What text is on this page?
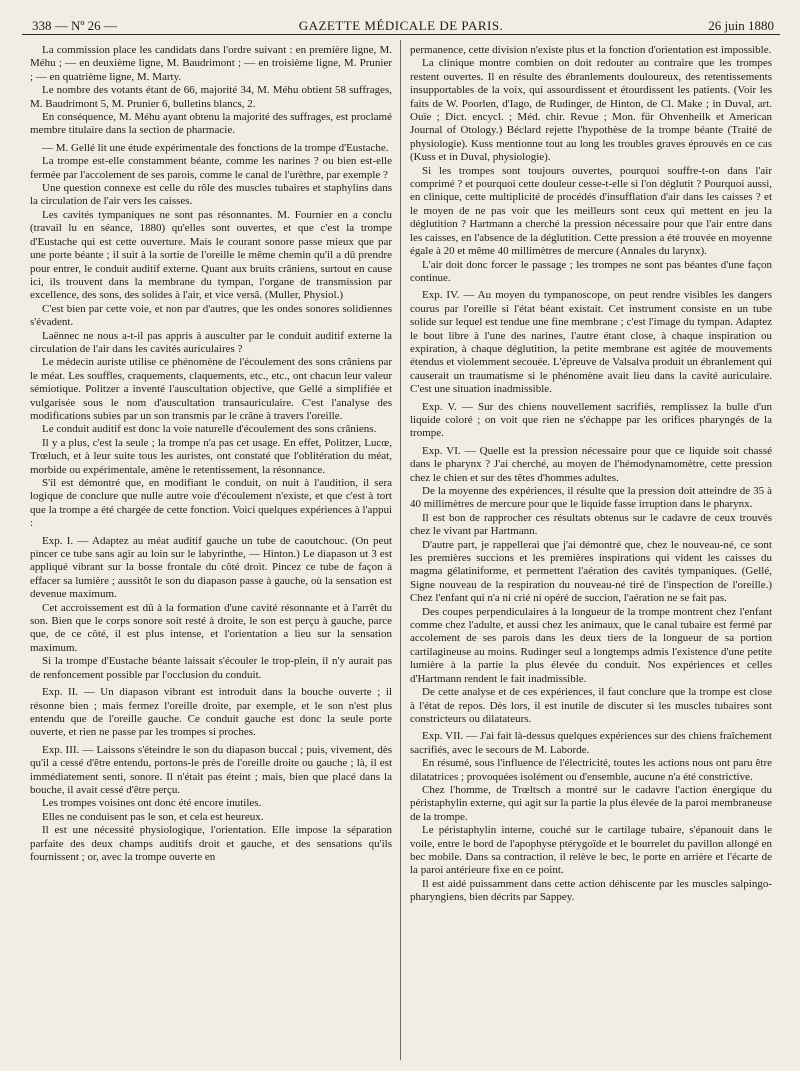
338 — Nº 26 —	GAZETTE MÉDICALE DE PARIS.	26 juin 1880

La commission place les candidats dans l'ordre suivant : en première ligne, M. Méhu ; — en deuxième ligne, M. Baudrimont ; — en troisième ligne, M. Prunier ; — en quatrième ligne, M. Marty.

Le nombre des votants étant de 66, majorité 34, M. Méhu obtient 58 suffrages, M. Baudrimont 5, M. Prunier 6, bulletins blancs, 2.

En conséquence, M. Méhu ayant obtenu la majorité des suffrages, est proclamé membre titulaire dans la section de pharmacie.

— M. Gellé lit une étude expérimentale des fonctions de la trompe d'Eustache.

La trompe est-elle constamment béante, comme les narines ? ou bien est-elle fermée par l'accolement de ses parois, comme le canal de l'urèthre, par exemple ?

Une question connexe est celle du rôle des muscles tubaires et staphylins dans la circulation de l'air vers les caisses.

Les cavités tympaniques ne sont pas résonnantes. M. Fournier en a conclu (travail lu en séance, 1880) qu'elles sont ouvertes, et que c'est la trompe d'Eustache qui est cette ouverture. Mais le courant sonore passe mieux que par une porte béante ; il suit à la sortie de l'oreille le même chemin qu'il a dû prendre pour entrer, le conduit auditif externe. Quant aux bruits crâniens, surtout en cause ici, ils trouvent dans la membrane du tympan, l'organe de transmission par excellence, des sons, des solides à l'air, et vice versâ. (Muller, Physiol.)

C'est bien par cette voie, et non par d'autres, que les ondes sonores solidiennes s'évadent.

Laënnec ne nous a-t-il pas appris à ausculter par le conduit auditif externe la circulation de l'air dans les cavités auriculaires ?

Le médecin auriste utilise ce phénomène de l'écoulement des sons crâniens par le méat. Les souffles, craquements, claquements, etc., etc., ont chacun leur valeur sémiotique. Politzer a inventé l'auscultation objective, que Gellé a simplifiée et vulgarisée sous le nom d'auscultation transauriculaire. C'est l'analyse des modifications subies par un son transmis par le crâne à travers l'oreille.

Le conduit auditif est donc la voie naturelle d'écoulement des sons crâniens.

Il y a plus, c'est la seule ; la trompe n'a pas cet usage. En effet, Politzer, Lucœ, Trœluch, et à leur suite tous les auristes, ont constaté que l'oblitération du méat, morbide ou expérimentale, amène le retentissement, la résonnance.

S'il est démontré que, en modifiant le conduit, on nuit à l'audition, il sera logique de conclure que nulle autre voie d'écoulement n'existe, et que c'est à tort que la trompe a été chargée de cette fonction. Voici quelques expériences à l'appui :

Exp. I. — Adaptez au méat auditif gauche un tube de caoutchouc. (On peut pincer ce tube sans agir au loin sur le labyrinthe, — Hinton.) Le diapason ut 3 est appliqué vibrant sur la bosse frontale du côté droit. Pincez ce tube de façon à effacer sa lumière ; aussitôt le son du diapason passe à gauche, où la sensation est devenue maximum.

Cet accroissement est dû à la formation d'une cavité résonnante et à l'arrêt du son. Bien que le corps sonore soit resté à droite, le son est perçu à gauche, parce que, de ce côté, il est plus intense, et l'orientation a lieu sur la sensation maximum.

Si la trompe d'Eustache béante laissait s'écouler le trop-plein, il n'y aurait pas de renfoncement possible par l'occlusion du conduit.

Exp. II. — Un diapason vibrant est introduit dans la bouche ouverte ; il résonne bien ; mais fermez l'oreille droite, par exemple, et le son n'est plus entendu que de l'oreille gauche. Ce conduit gauche est donc la seule porte ouverte, et rien ne passe par les trompes si proches.

Exp. III. — Laissons s'éteindre le son du diapason buccal ; puis, vivement, dès qu'il a cessé d'être entendu, portons-le près de l'oreille droite ou gauche ; là, il est immédiatement senti, sonore. Il n'était pas éteint ; mais, bien que placé dans la bouche, il avait cessé d'être perçu.

Les trompes voisines ont donc été encore inutiles.

Elles ne conduisent pas le son, et cela est heureux.

Il est une nécessité physiologique, l'orientation. Elle impose la séparation parfaite des deux champs auditifs droit et gauche, et des sensations qu'ils fournissent ; or, avec la trompe ouverte en

permanence, cette division n'existe plus et la fonction d'orientation est impossible.

La clinique montre combien on doit redouter au contraire que les trompes restent ouvertes. Il en résulte des ébranlements douloureux, des retentissements insupportables de la voix, qui assourdissent et étourdissent les patients. (Voir les faits de W. Poorlen, d'Iago, de Rudinger, de Hinton, de Cl. Make ; in Duval, art. Ouïe ; Dict. encycl. ; Méd. chir. Revue ; Mon. für Ohvenheilk et American Journal of Otology.) Béclard rejette l'hypothèse de la trompe béante (Traité de physiologie). Kuss mentionne tout au long les troubles graves éprouvés en ce cas (Kuss et in Duval, physiologie).

Si les trompes sont toujours ouvertes, pourquoi souffre-t-on dans l'air comprimé ? et pourquoi cette douleur cesse-t-elle si l'on déglutit ? Pourquoi aussi, en clinique, cette multiplicité de procédés d'insufflation d'air dans les caisses ? et le moyen de ne pas voir que les meilleurs sont ceux qui mettent en jeu la déglutition ? Hartmann a cherché la pression nécessaire pour que l'air entre dans les caisses, en l'absence de la déglutition. Cette pression a été trouvée en moyenne égale à 20 et même 40 millimètres de mercure (Annales du larynx).

L'air doit donc forcer le passage ; les trompes ne sont pas béantes d'une façon continue.

Exp. IV. — Au moyen du tympanoscope, on peut rendre visibles les dangers courus par l'oreille si l'état béant existait. Cet instrument consiste en un tube solide sur lequel est tendue une fine membrane ; c'est l'image du tympan. Adaptez le bout libre à l'une des narines, l'autre étant close, à chaque inspiration ou expiration, à chaque déglutition, la petite membrane est agitée de mouvements étendus et violemment secouée. L'épreuve de Valsalva produit un ébranlement qui causerait un traumatisme si le phénomène avait lieu dans la cavité auriculaire. C'est une situation inadmissible.

Exp. V. — Sur des chiens nouvellement sacrifiés, remplissez la bulle d'un liquide coloré ; on voit que rien ne s'échappe par les orifices pharyngés de la trompe.

Exp. VI. — Quelle est la pression nécessaire pour que ce liquide soit chassé dans le pharynx ? J'ai cherché, au moyen de l'hémodynamomètre, cette pression chez le chien et sur des têtes d'hommes adultes.

De la moyenne des expériences, il résulte que la pression doit atteindre de 35 à 40 millimètres de mercure pour que le liquide fasse irruption dans le pharynx.

Il est bon de rapprocher ces résultats obtenus sur le cadavre de ceux trouvés chez le vivant par Hartmann.

D'autre part, je rappellerai que j'ai démontré que, chez le nouveau-né, ce sont les premières succions et les premières inspirations qui vident les caisses du magma gélatiniforme, et permettent l'aération des cavités tympaniques. (Gellé, Signe nouveau de la respiration du nouveau-né tiré de l'inspection de l'oreille.) Chez l'enfant qui n'a ni crié ni opéré de succion, l'aération ne se fait pas.

Des coupes perpendiculaires à la longueur de la trompe montrent chez l'enfant comme chez l'adulte, et aussi chez les animaux, que le canal tubaire est fermé par accolement de ses parois dans les deux tiers de la longueur de sa portion cartilagineuse au moins. Rudinger seul a longtemps admis l'existence d'une petite lumière à la partie la plus élevée du conduit. Nos expériences et celles d'Hartmann rendent le fait inadmissible.

De cette analyse et de ces expériences, il faut conclure que la trompe est close à l'état de repos. Dès lors, il est inutile de discuter si les muscles tubaires sont constricteurs ou dilatateurs.

Exp. VII. — J'ai fait là-dessus quelques expériences sur des chiens fraîchement sacrifiés, avec le secours de M. Laborde.

En résumé, sous l'influence de l'électricité, toutes les actions nous ont paru être dilatatrices ; provoquées isolément ou d'ensemble, aucune n'a été constrictive.

Chez l'homme, de Trœltsch a montré sur le cadavre l'action énergique du péristaphylin externe, qui agit sur la partie la plus élevée de la paroi membraneuse de la trompe.

Le péristaphylin interne, couché sur le cartilage tubaire, s'épanouit dans le voile, entre le bord de l'apophyse ptérygoïde et le bourrelet du pavillon allongé en bec mobile. Dans sa contraction, il relève le bec, le porte en arrière et l'écarte de la paroi antérieure fixe en ce point.

Il est aidé puissamment dans cette action déhiscente par les muscles salpingo-pharyngiens, bien décrits par Sappey.
